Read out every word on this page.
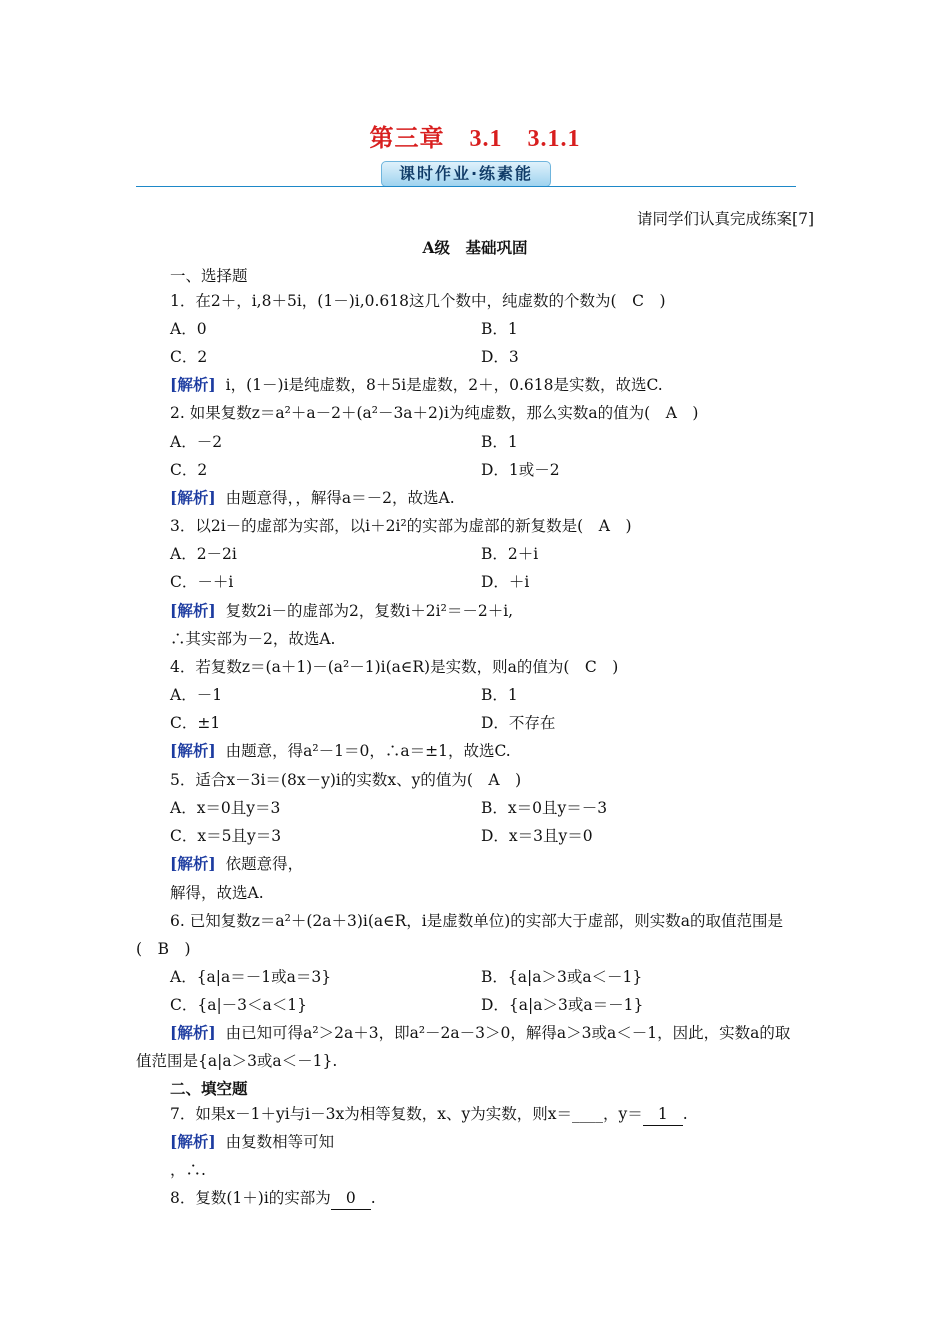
第三章　3.1　3.1.1
课时作业·练素能
请同学们认真完成练案[7]
A级　基础巩固
一、选择题
1．在2＋，i,8＋5i，(1－)i,0.618这几个数中，纯虚数的个数为(　C　)
A．0	B．1
C．2	D．3
[解析] i，(1－)i是纯虚数，8＋5i是虚数，2＋，0.618是实数，故选C.
2. 如果复数z＝a²＋a－2＋(a²－3a＋2)i为纯虚数，那么实数a的值为(　A　)
A．－2	B．1
C．2	D．1或－2
[解析] 由题意得，，解得a＝－2，故选A.
3．以2i－的虚部为实部，以i＋2i²的实部为虚部的新复数是(　A　)
A．2－2i	B．2＋i
C．－＋i	D．＋i
[解析] 复数2i－的虚部为2，复数i＋2i²＝－2＋i,
∴其实部为－2，故选A.
4．若复数z＝(a＋1)－(a²－1)i(a∈R)是实数，则a的值为(　C　)
A．－1	B．1
C．±1	D．不存在
[解析] 由题意，得a²－1＝0，∴a＝±1，故选C.
5．适合x－3i＝(8x－y)i的实数x、y的值为(　A　)
A．x＝0且y＝3	B．x＝0且y＝－3
C．x＝5且y＝3	D．x＝3且y＝0
[解析] 依题意得，
解得，故选A.
6. 已知复数z＝a²＋(2a＋3)i(a∈R，i是虚数单位)的实部大于虚部，则实数a的取值范围是
(　B　)
A．{a|a＝－1或a＝3}	B．{a|a＞3或a＜－1}
C．{a|－3＜a＜1}	D．{a|a＞3或a＝－1}
[解析] 由已知可得a²＞2a＋3，即a²－2a－3＞0，解得a＞3或a＜－1，因此，实数a的取
值范围是{a|a＞3或a＜－1}.
二、填空题
7．如果x－1＋yi与i－3x为相等复数，x、y为实数，则x＝____，y＝ 1 .
[解析] 由复数相等可知
，∴.
8．复数(1＋)i的实部为 0 .
